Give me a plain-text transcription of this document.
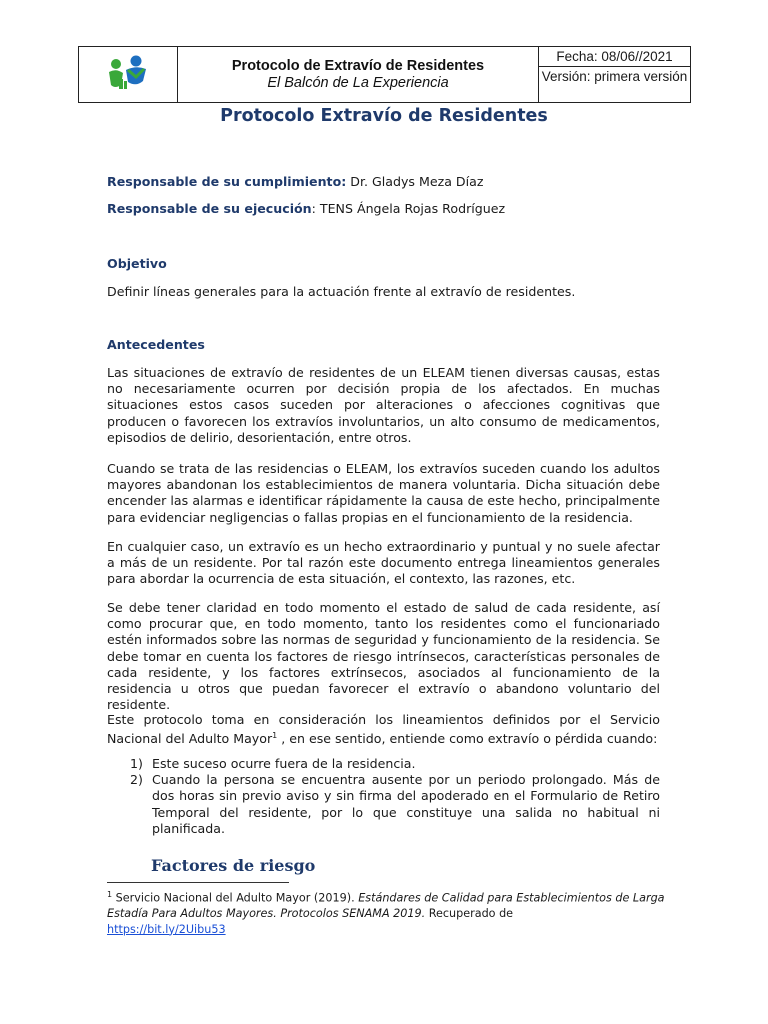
Protocolo de Extravío de Residentes
El Balcón de La Experiencia
Fecha: 08/06//2021
Versión: primera versión
Protocolo Extravío de Residentes
Responsable de su cumplimiento: Dr. Gladys Meza Díaz
Responsable de su ejecución: TENS Ángela Rojas Rodríguez
Objetivo
Definir líneas generales para la actuación frente al extravío de residentes.
Antecedentes
Las situaciones de extravío de residentes de un ELEAM tienen diversas causas, estas no necesariamente ocurren por decisión propia de los afectados. En muchas situaciones estos casos suceden por alteraciones o afecciones cognitivas que producen o favorecen los extravíos involuntarios, un alto consumo de medicamentos, episodios de delirio, desorientación, entre otros.
Cuando se trata de las residencias o ELEAM, los extravíos suceden cuando los adultos mayores abandonan los establecimientos de manera voluntaria. Dicha situación debe encender las alarmas e identificar rápidamente la causa de este hecho, principalmente para evidenciar negligencias o fallas propias en el funcionamiento de la residencia.
En cualquier caso, un extravío es un hecho extraordinario y puntual y no suele afectar a más de un residente. Por tal razón este documento entrega lineamientos generales para abordar la ocurrencia de esta situación, el contexto, las razones, etc.
Se debe tener claridad en todo momento el estado de salud de cada residente, así como procurar que, en todo momento, tanto los residentes como el funcionariado estén informados sobre las normas de seguridad y funcionamiento de la residencia. Se debe tomar en cuenta los factores de riesgo intrínsecos, características personales de cada residente, y los factores extrínsecos, asociados al funcionamiento de la residencia u otros que puedan favorecer el extravío o abandono voluntario del residente.
Este protocolo toma en consideración los lineamientos definidos por el Servicio Nacional del Adulto Mayor$^1$ , en ese sentido, entiende como extravío o pérdida cuando:
1) Este suceso ocurre fuera de la residencia.
2) Cuando la persona se encuentra ausente por un periodo prolongado. Más de dos horas sin previo aviso y sin firma del apoderado en el Formulario de Retiro Temporal del residente, por lo que constituye una salida no habitual ni planificada.
Factores de riesgo
$^1$ Servicio Nacional del Adulto Mayor (2019). Estándares de Calidad para Establecimientos de Larga Estadía Para Adultos Mayores. Protocolos SENAMA 2019. Recuperado de
https://bit.ly/2Uibu53
